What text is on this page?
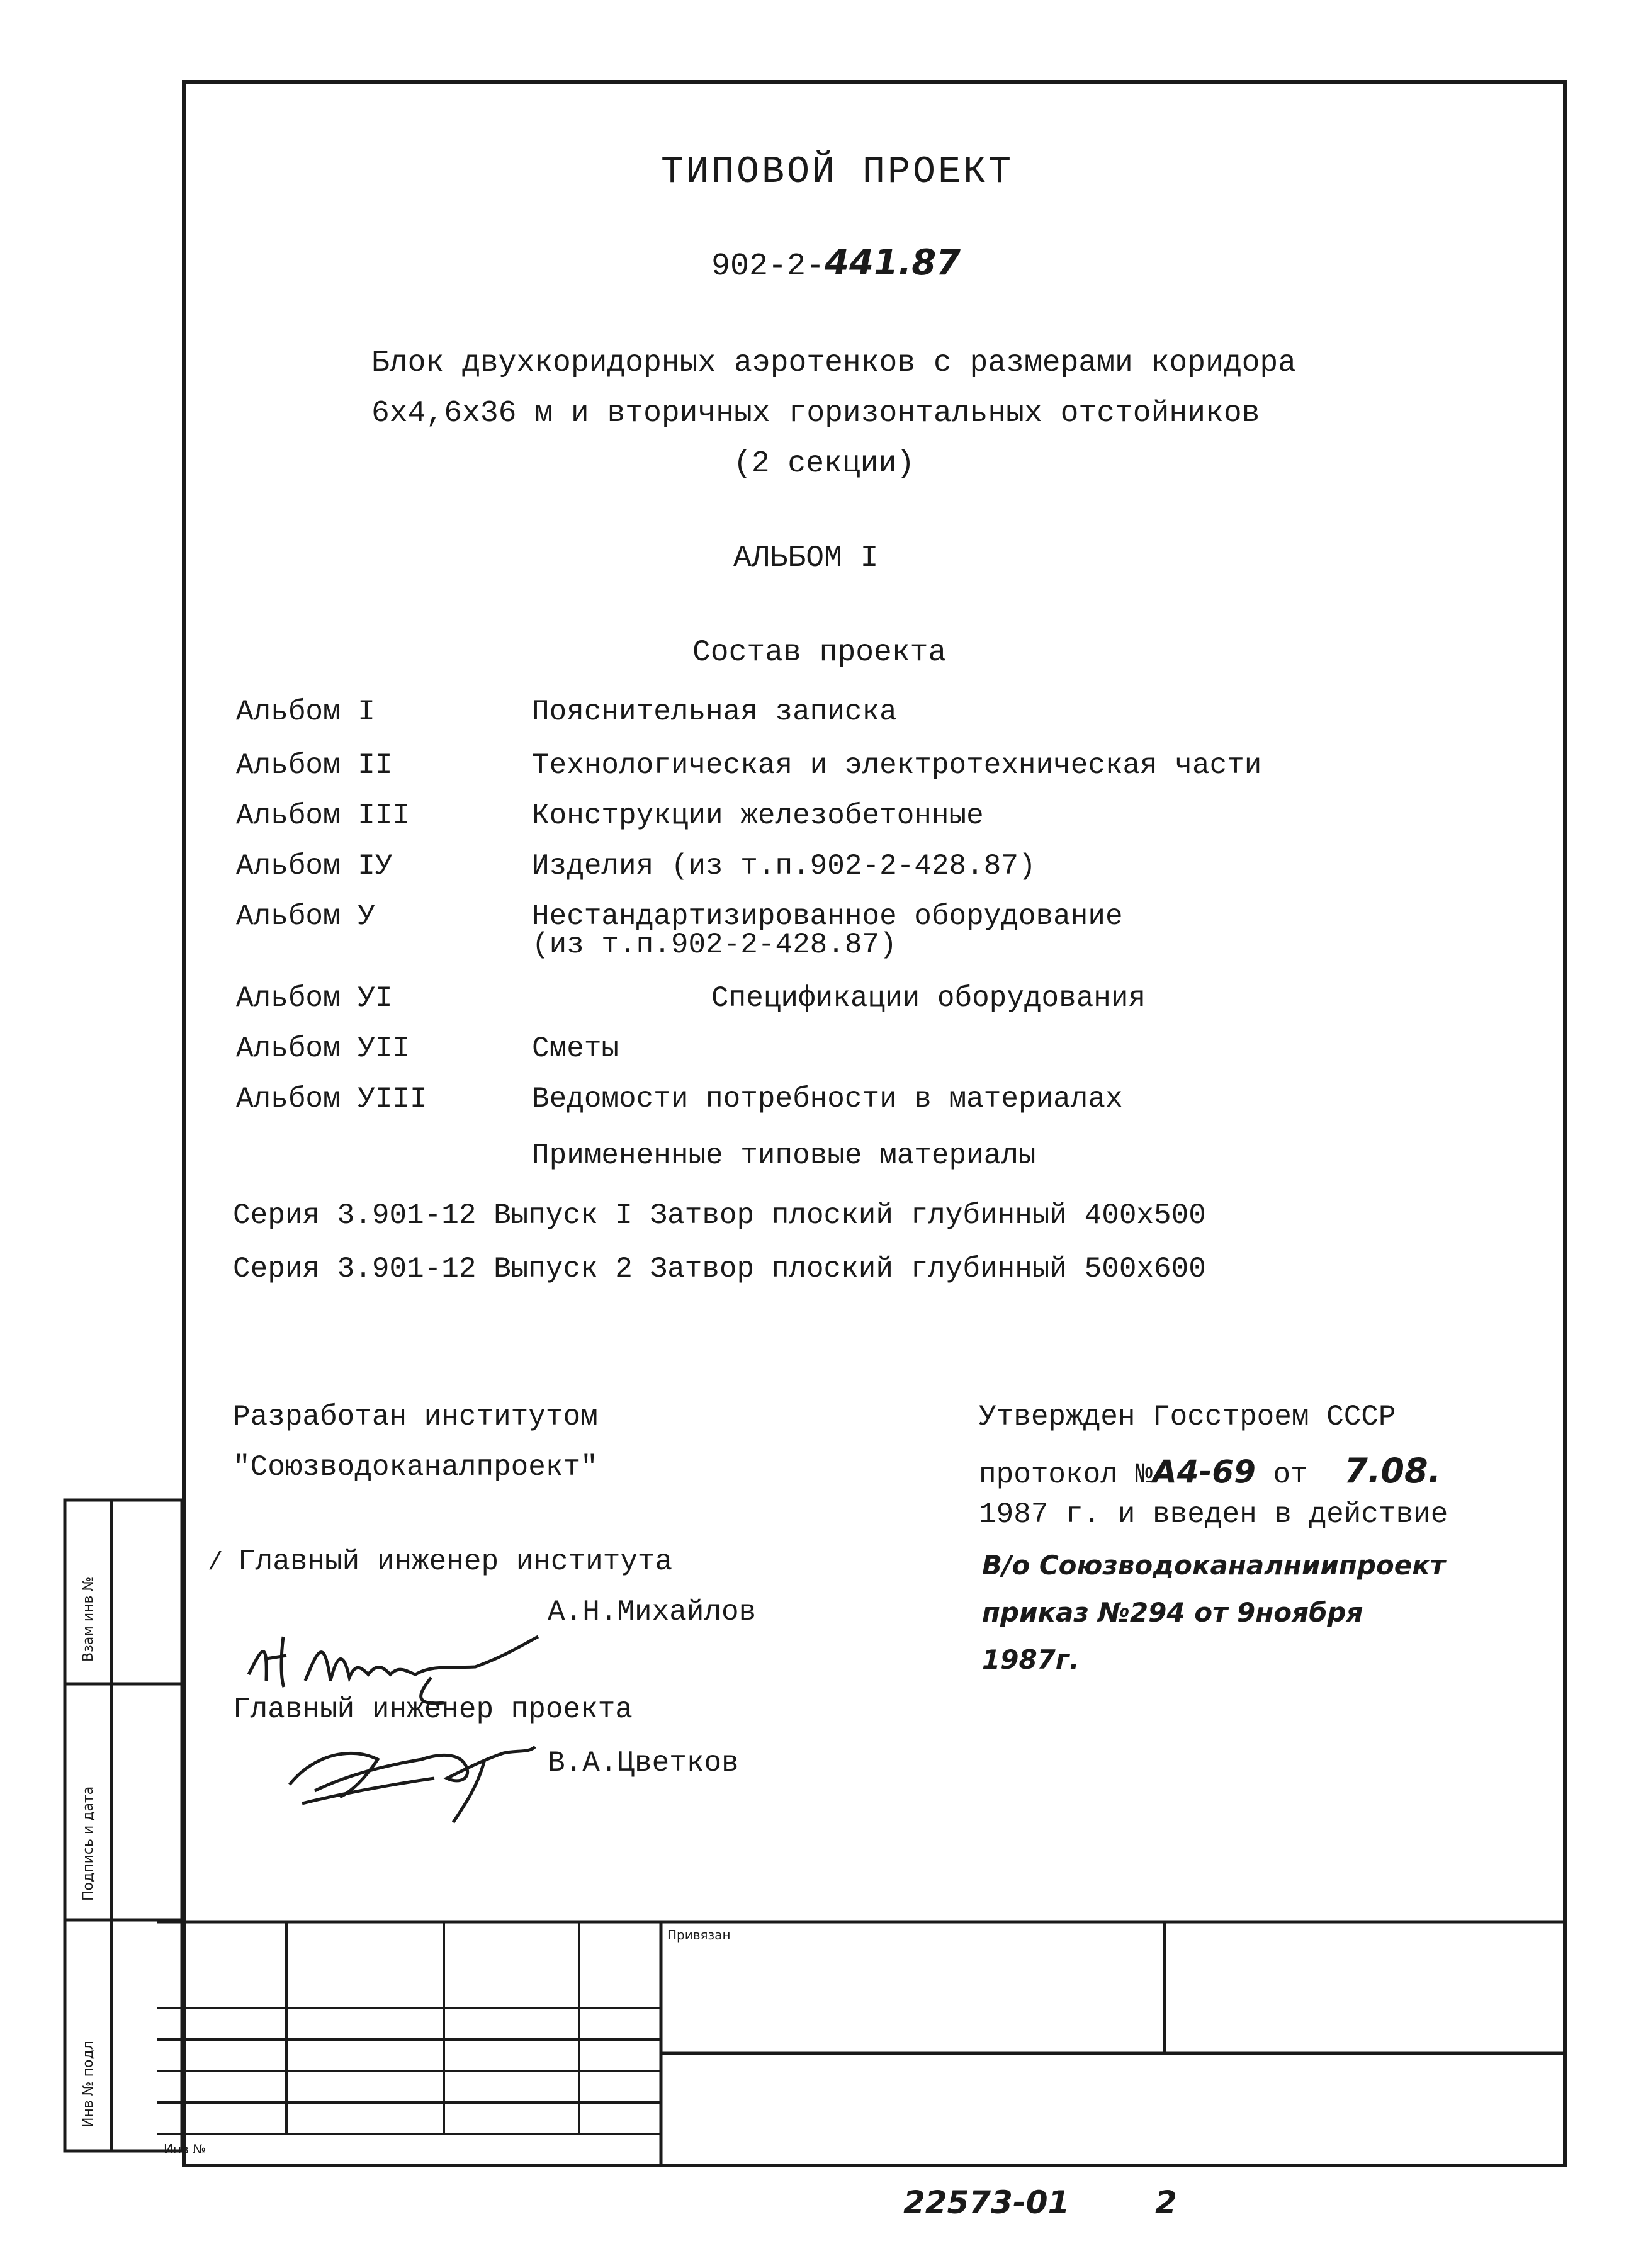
ТИПОВОЙ ПРОЕКТ
902-2-441.87
Блок двухкоридорных аэротенков с размерами коридора
6х4,6х36 м и вторичных горизонтальных отстойников
(2 секции)
АЛЬБОМ I
Состав проекта
Альбом I	Пояснительная записка
Альбом II	Технологическая и электротехническая части
Альбом III	Конструкции железобетонные
Альбом IУ	Изделия (из т.п.902-2-428.87)
Альбом У	Нестандартизированное оборудование
(из т.п.902-2-428.87)
Альбом УI	Спецификации оборудования
Альбом УII	Сметы
Альбом УIII	Ведомости потребности в материалах
Примененные типовые материалы
Серия 3.901-12 Выпуск I Затвор плоский глубинный 400х500
Серия 3.901-12 Выпуск 2 Затвор плоский глубинный 500х600
Разработан институтом
"Союзводоканалпроект"
/ Главный инженер института
А.Н.Михайлов
Главный инженер проекта
В.А.Цветков
Утвержден Госстроем СССР
протокол №А4-69 от 7.08.
1987 г. и введен в действие
В/о Союзводоканалниипроект
приказ №294 от 9ноября
1987г.
Взам инв №
Подпись и дата
Инв № подл
Привязан
Инв №
22573-01	2
